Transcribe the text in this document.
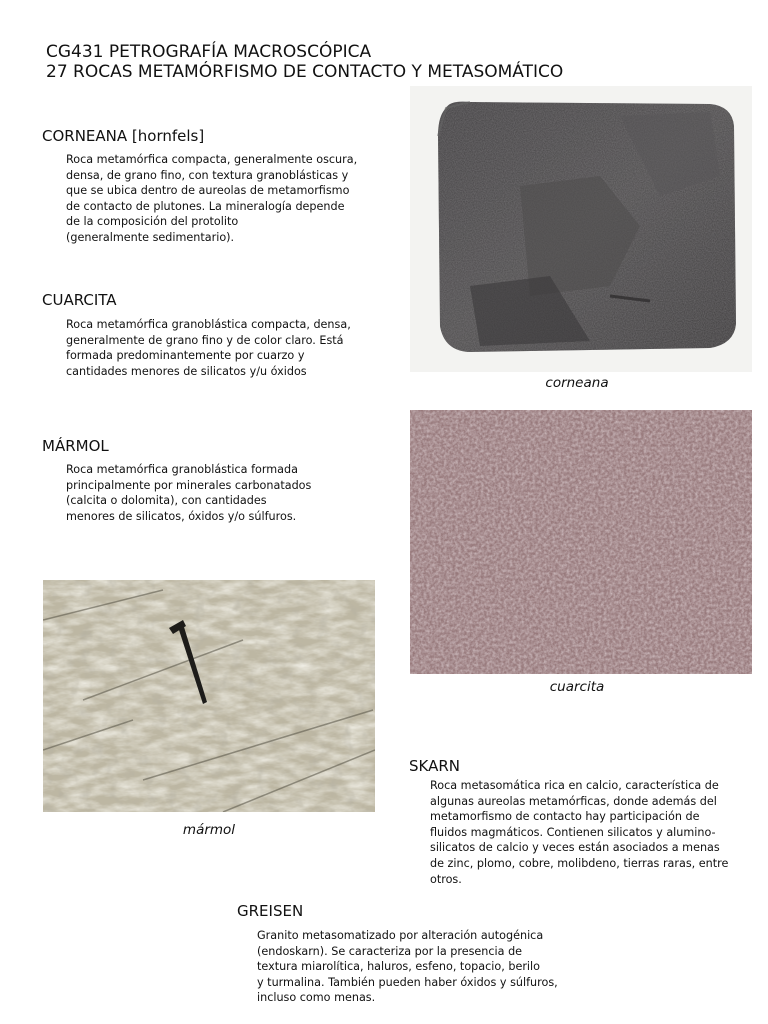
CG431 PETROGRAFÍA MACROSCÓPICA
27 ROCAS METAMÓRFISMO DE CONTACTO Y METASOMÁTICO
CORNEANA [hornfels]
Roca metamórfica compacta, generalmente oscura,
densa, de grano fino, con textura granoblásticas y
que se ubica dentro de aureolas de metamorfismo
de contacto de plutones. La mineralogía depende
de la composición del protolito
(generalmente sedimentario).
CUARCITA
Roca metamórfica granoblástica compacta, densa,
generalmente de grano fino y de color claro. Está
formada predominantemente por cuarzo y
cantidades menores de silicatos y/u óxidos
MÁRMOL
Roca metamórfica granoblástica formada
principalmente por minerales carbonatados
(calcita o dolomita), con cantidades
menores de silicatos, óxidos y/o súlfuros.
corneana
cuarcita
mármol
SKARN
Roca metasomática rica en calcio, característica de
algunas aureolas metamórficas, donde además del
metamorfismo de contacto hay participación de
fluidos magmáticos. Contienen silicatos y alumino-
silicatos de calcio y veces están asociados a menas
de zinc, plomo, cobre, molibdeno, tierras raras, entre
otros.
GREISEN
Granito metasomatizado por alteración autogénica
(endoskarn). Se caracteriza por la presencia de
textura miarolítica, haluros, esfeno, topacio, berilo
y turmalina. También pueden haber óxidos y súlfuros,
incluso como menas.
